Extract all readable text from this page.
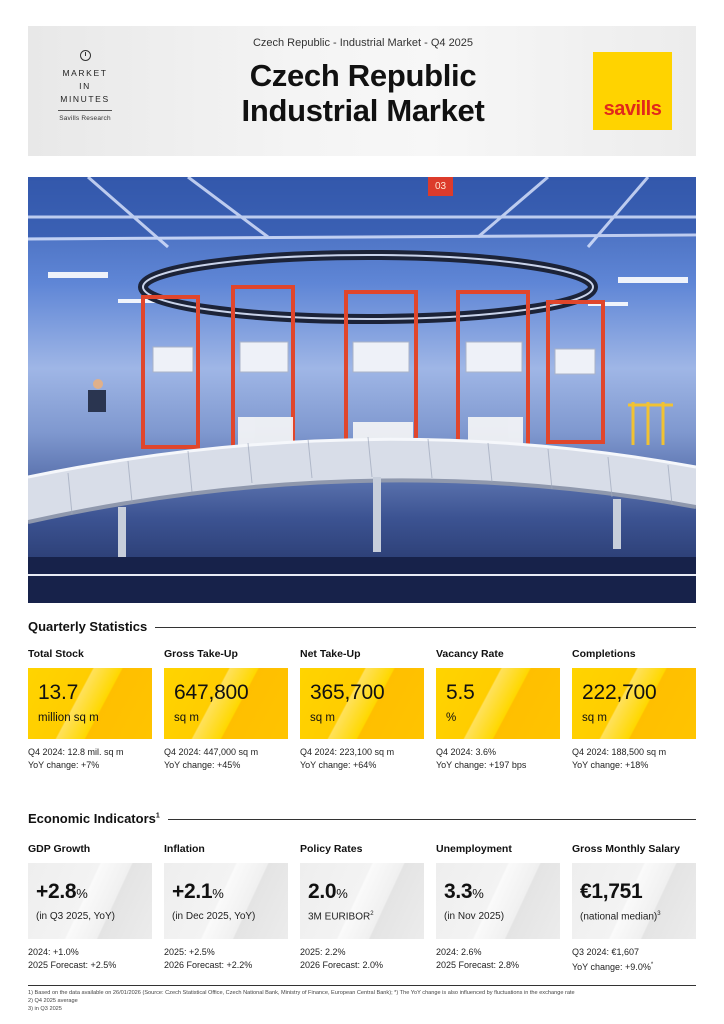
MARKET
IN
MINUTES
Savills Research
Czech Republic - Industrial Market - Q4 2025
Czech Republic
Industrial Market	savills
03
Quarterly Statistics
Total Stock
13.7
million sq m
Q4 2024: 12.8 mil. sq m
YoY change: +7%
Gross Take-Up
647,800
sq m
Q4 2024: 447,000 sq m
YoY change: +45%
Net Take-Up
365,700
sq m
Q4 2024: 223,100 sq m
YoY change: +64%
Vacancy Rate
5.5
%
Q4 2024: 3.6%
YoY change: +197 bps
Completions
222,700
sq m
Q4 2024: 188,500 sq m
YoY change: +18%
Economic Indicators$^1$
GDP Growth
+2.8%
(in Q3 2025, YoY)
2024: +1.0%
2025 Forecast: +2.5%
Inflation
+2.1%
(in Dec 2025, YoY)
2025: +2.5%
2026 Forecast: +2.2%
Policy Rates
2.0%
3M EURIBOR$^2$
2025: 2.2%
2026 Forecast: 2.0%
Unemployment
3.3%
(in Nov 2025)
2024: 2.6%
2025 Forecast: 2.8%
Gross Monthly Salary
€1,751
(national median)$^3$
Q3 2024: €1,607
YoY change: +9.0%*
1) Based on the data available on 26/01/2026 (Source: Czech Statistical Office, Czech National Bank, Ministry of Finance, European Central Bank); *) The YoY change is also influenced by fluctuations in the exchange rate
2) Q4 2025 average
3) in Q3 2025
